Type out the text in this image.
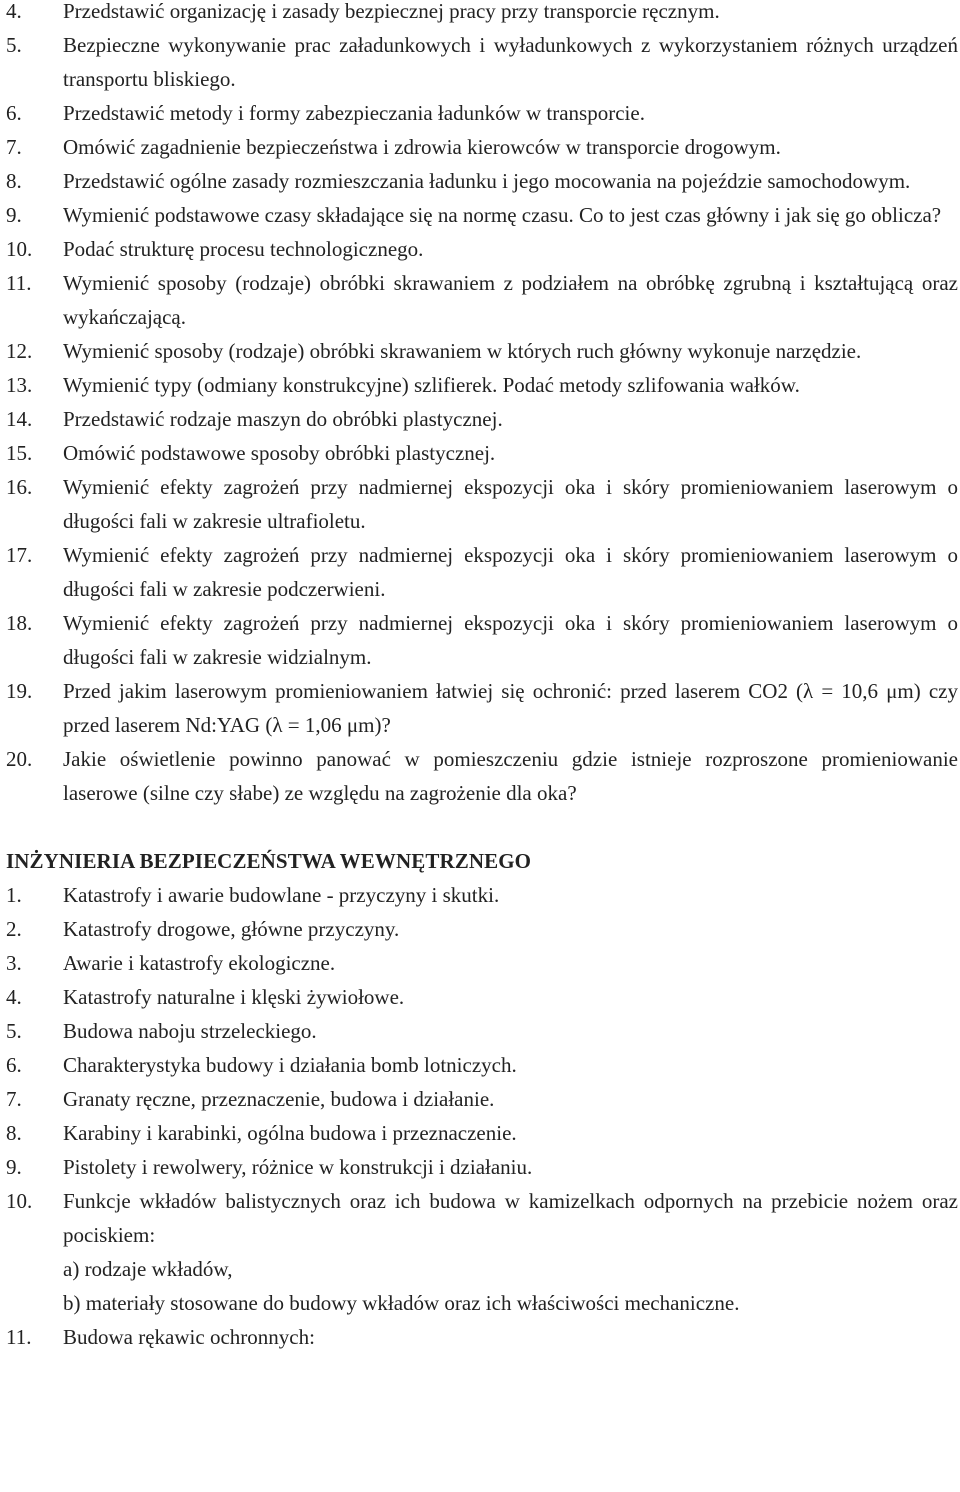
4. Przedstawić organizację i zasady bezpiecznej pracy przy transporcie ręcznym.
5. Bezpieczne wykonywanie prac załadunkowych i wyładunkowych z wykorzystaniem różnych urządzeń transportu bliskiego.
6. Przedstawić metody i formy zabezpieczania ładunków w transporcie.
7. Omówić zagadnienie bezpieczeństwa i zdrowia kierowców w transporcie drogowym.
8. Przedstawić ogólne zasady rozmieszczania ładunku i jego mocowania na pojeździe samochodowym.
9. Wymienić podstawowe czasy składające się na normę czasu. Co to jest czas główny i jak się go oblicza?
10. Podać strukturę procesu technologicznego.
11. Wymienić sposoby (rodzaje) obróbki skrawaniem z podziałem na obróbkę zgrubną i kształtującą oraz wykańczającą.
12. Wymienić sposoby (rodzaje) obróbki skrawaniem w których ruch główny wykonuje narzędzie.
13. Wymienić typy (odmiany konstrukcyjne) szlifierek. Podać metody szlifowania wałków.
14. Przedstawić rodzaje maszyn do obróbki plastycznej.
15. Omówić podstawowe sposoby obróbki plastycznej.
16. Wymienić efekty zagrożeń przy nadmiernej ekspozycji oka i skóry promieniowaniem laserowym o długości fali w zakresie ultrafioletu.
17. Wymienić efekty zagrożeń przy nadmiernej ekspozycji oka i skóry promieniowaniem laserowym o długości fali w zakresie podczerwieni.
18. Wymienić efekty zagrożeń przy nadmiernej ekspozycji oka i skóry promieniowaniem laserowym o długości fali w zakresie widzialnym.
19. Przed jakim laserowym promieniowaniem łatwiej się ochronić: przed laserem CO2 (λ = 10,6 μm) czy przed laserem Nd:YAG (λ = 1,06 μm)?
20. Jakie oświetlenie powinno panować w pomieszczeniu gdzie istnieje rozproszone promieniowanie laserowe (silne czy słabe) ze względu na zagrożenie dla oka?
INŻYNIERIA BEZPIECZEŃSTWA WEWNĘTRZNEGO
1. Katastrofy i awarie budowlane - przyczyny i skutki.
2. Katastrofy drogowe, główne przyczyny.
3. Awarie i katastrofy ekologiczne.
4. Katastrofy naturalne i klęski żywiołowe.
5. Budowa naboju strzeleckiego.
6. Charakterystyka budowy i działania bomb lotniczych.
7. Granaty ręczne, przeznaczenie, budowa i działanie.
8. Karabiny i karabinki, ogólna budowa i przeznaczenie.
9. Pistolety i rewolwery, różnice w konstrukcji i działaniu.
10. Funkcje wkładów balistycznych oraz ich budowa w kamizelkach odpornych na przebicie nożem oraz pociskiem:
a) rodzaje wkładów,
b) materiały stosowane do budowy wkładów oraz ich właściwości mechaniczne.
11. Budowa rękawic ochronnych:
